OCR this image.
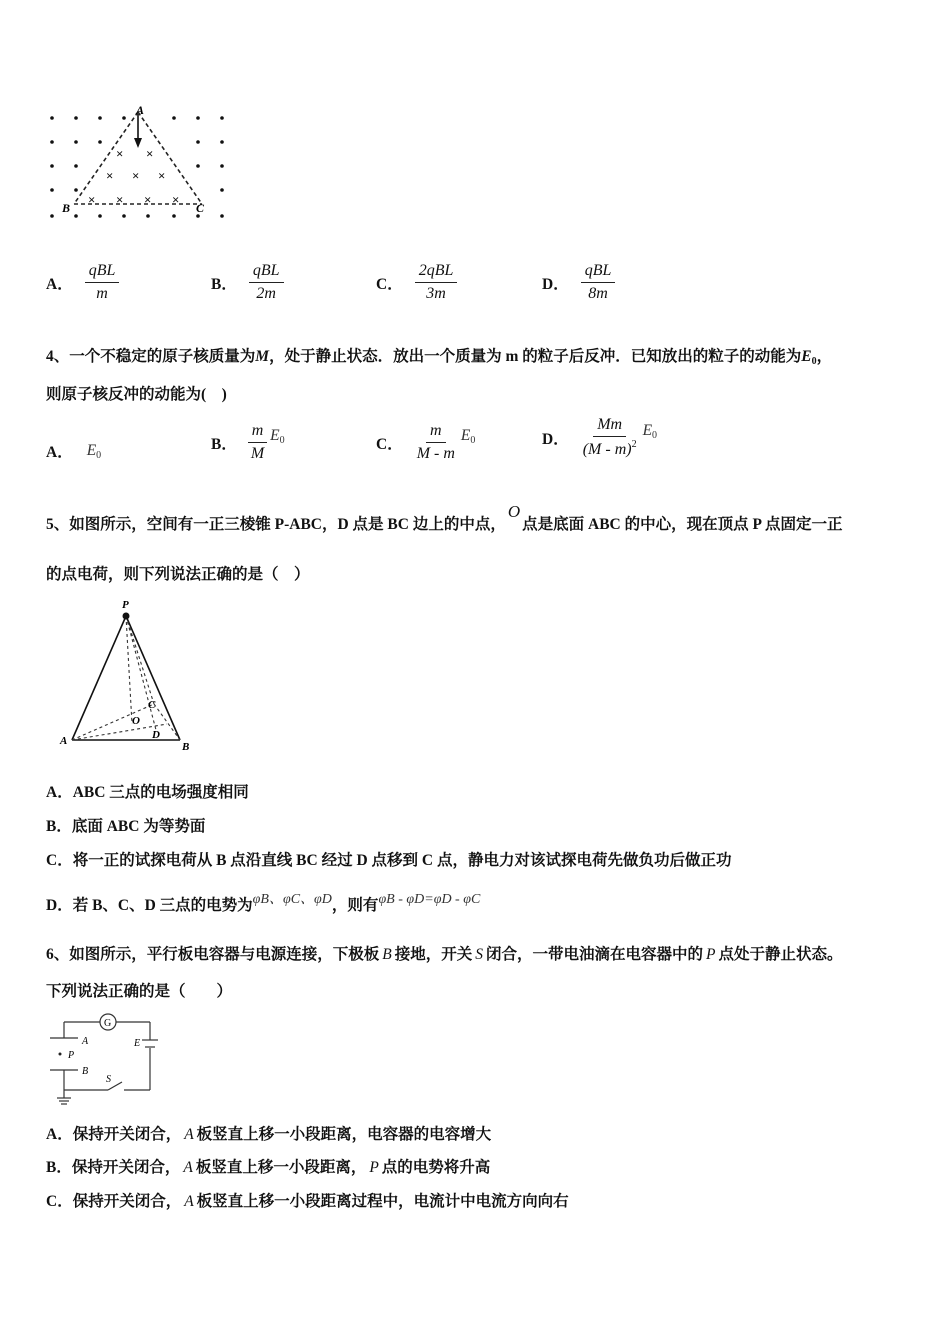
× ×
× × ×
× × × ×
A
B	C
A． $\frac{\text{qBL}}{m}$	B． $\frac{\text{qBL}}{2m}$	C． $\frac{\text{2qBL}}{3m}$	D． $\frac{\text{qBL}}{8m}$
4、一个不稳定的原子核质量为M，处于静止状态．放出一个质量为 m 的粒子后反冲．已知放出的粒子的动能为$E_0$，
则原子核反冲的动能为(　)
A． $E_0$
B． $\frac{m}{M} E_0$	C． $\frac{m}{M - m} E_0$	D． $\frac{Mm}{(M - m)^2} E_0$
5、如图所示，空间有一正三棱锥 P-ABC，D 点是 BC 边上的中点，O点是底面 ABC 的中心，现在顶点 P 点固定一正
的点电荷，则下列说法正确的是（　）
P
A	B
C
O
D
A．ABC 三点的电场强度相同
B．底面 ABC 为等势面
C．将一正的试探电荷从 B 点沿直线 BC 经过 D 点移到 C 点，静电力对该试探电荷先做负功后做正功
D．若 B、C、D 三点的电势为φB、φC、φD，则有φB - φD=φD - φC
6、如图所示，平行板电容器与电源连接，下极板 B 接地，开关 S 闭合，一带电油滴在电容器中的 P 点处于静止状态。
下列说法正确的是（　　）
G
A
P
B
E
S
A．保持开关闭合， A 板竖直上移一小段距离，电容器的电容增大
B．保持开关闭合， A 板竖直上移一小段距离， P 点的电势将升高
C．保持开关闭合， A 板竖直上移一小段距离过程中，电流计中电流方向向右
